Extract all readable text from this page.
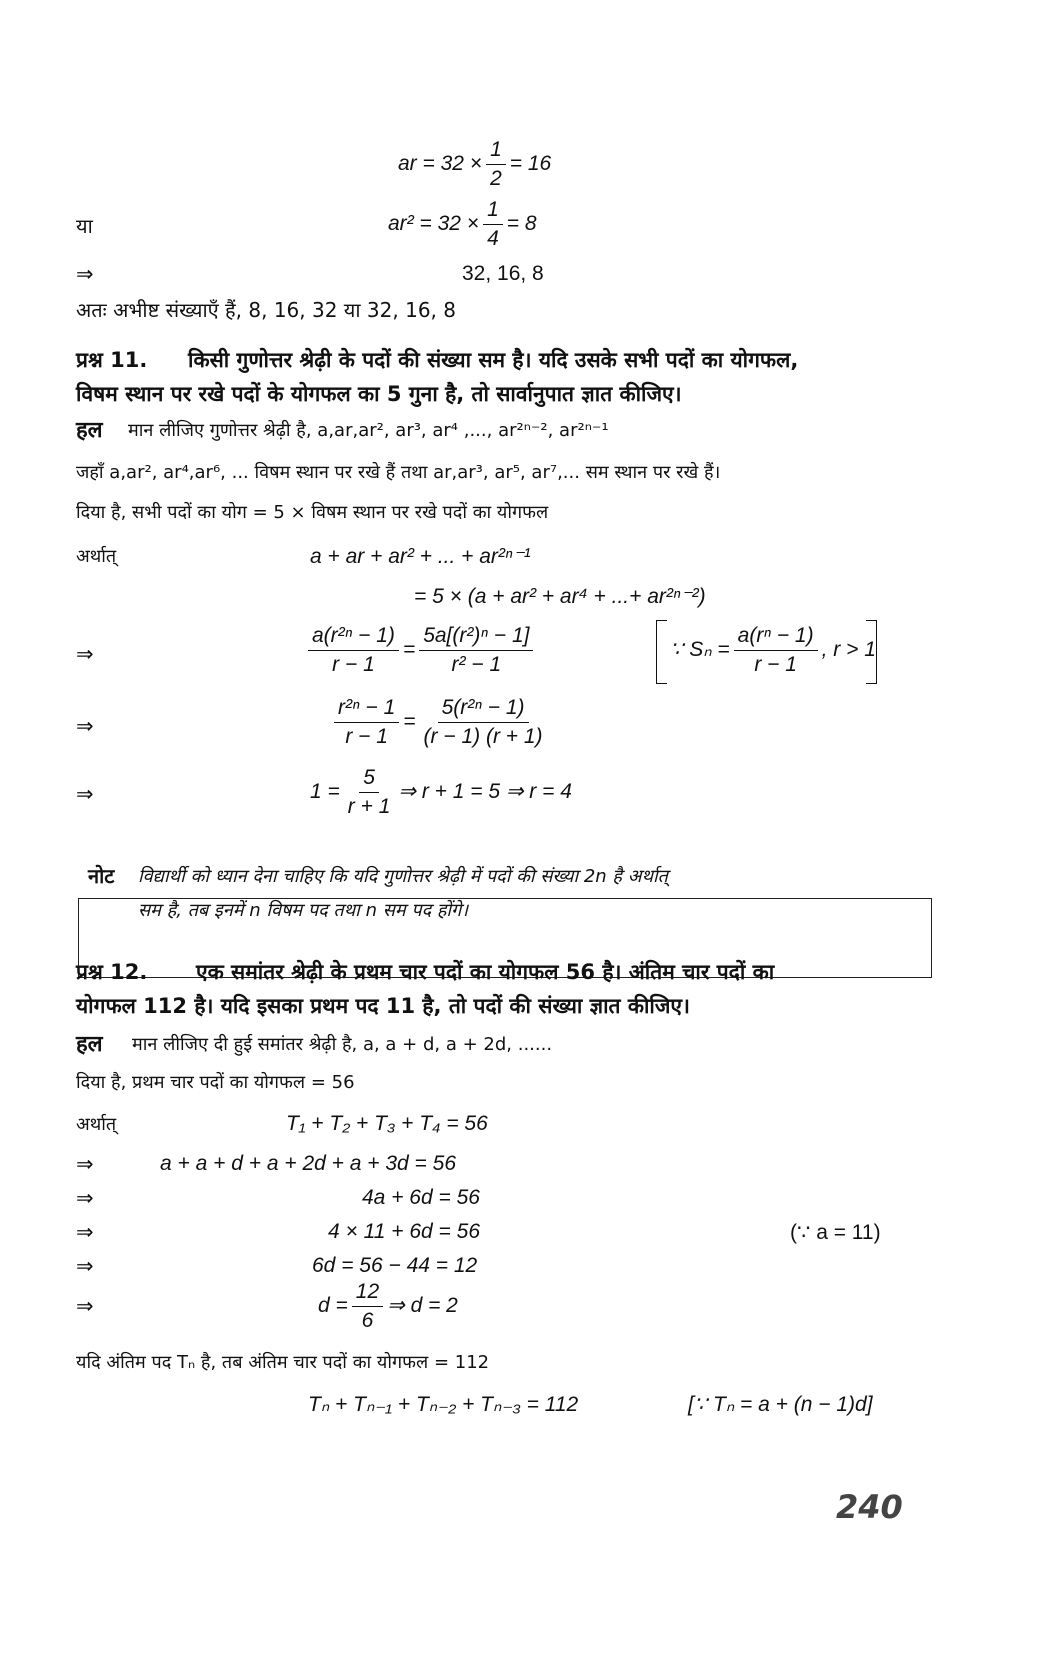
ar = $32 \times \frac{1}{2} = 16$
या	$ar^2 = 32 \times \frac{1}{4} = 8$
⇒	32, 16, 8
अतः अभीष्ट संख्याएँ हैं, 8, 16, 32 या 32, 16, 8
प्रश्न 11. किसी गुणोत्तर श्रेढ़ी के पदों की संख्या सम है। यदि उसके सभी पदों का योगफल,
विषम स्थान पर रखे पदों के योगफल का 5 गुना है, तो सार्वानुपात ज्ञात कीजिए।
हल मान लीजिए गुणोत्तर श्रेढ़ी है, a,ar,ar², ar³, ar⁴ ,..., ar²ⁿ⁻², ar²ⁿ⁻¹
जहाँ a,ar², ar⁴,ar⁶, ... विषम स्थान पर रखे हैं तथा ar,ar³, ar⁵, ar⁷,... सम स्थान पर रखे हैं।
दिया है, सभी पदों का योग = 5 × विषम स्थान पर रखे पदों का योगफल
अर्थात्	a + ar + ar² + ... + ar²ⁿ⁻¹
= 5 × (a + ar² + ar⁴ + ...+ ar²ⁿ⁻²)
⇒	$\frac{\text{a(r²ⁿ − 1)}}{r - 1} = \frac{\text{5a[(r²)ⁿ − 1]}}{\text{r² − 1}}$	∵ $S_n = \frac{\text{a(rⁿ − 1)}}{r - 1}$ , r > 1
⇒	$\frac{\text{r²ⁿ − 1}}{r - 1} = \frac{\text{5(r²ⁿ − 1)}}{(r - 1) (r + 1)}$
⇒	$1 = \frac{5}{r + 1}$ ⇒ r + 1 = 5 ⇒ r = 4
नोट विद्यार्थी को ध्यान देना चाहिए कि यदि गुणोत्तर श्रेढ़ी में पदों की संख्या 2n है अर्थात्
सम है, तब इनमें n विषम पद तथा n सम पद होंगे।
प्रश्न 12. एक समांतर श्रेढ़ी के प्रथम चार पदों का योगफल 56 है। अंतिम चार पदों का
योगफल 112 है। यदि इसका प्रथम पद 11 है, तो पदों की संख्या ज्ञात कीजिए।
हल मान लीजिए दी हुई समांतर श्रेढ़ी है, a, a + d, a + 2d, ......
दिया है, प्रथम चार पदों का योगफल = 56
अर्थात्	T₁ + T₂ + T₃ + T₄ = 56
⇒	a + a + d + a + 2d + a + 3d = 56
⇒	4a + 6d = 56
⇒	4 × 11 + 6d = 56	(∵ a = 11)
⇒	6d = 56 − 44 = 12
⇒	$d = \frac{12}{6}$ ⇒ d = 2
यदि अंतिम पद Tₙ है, तब अंतिम चार पदों का योगफल = 112
Tₙ + Tₙ₋₁ + Tₙ₋₂ + Tₙ₋₃ = 112	[∵ Tₙ = a + (n − 1)d]
240
